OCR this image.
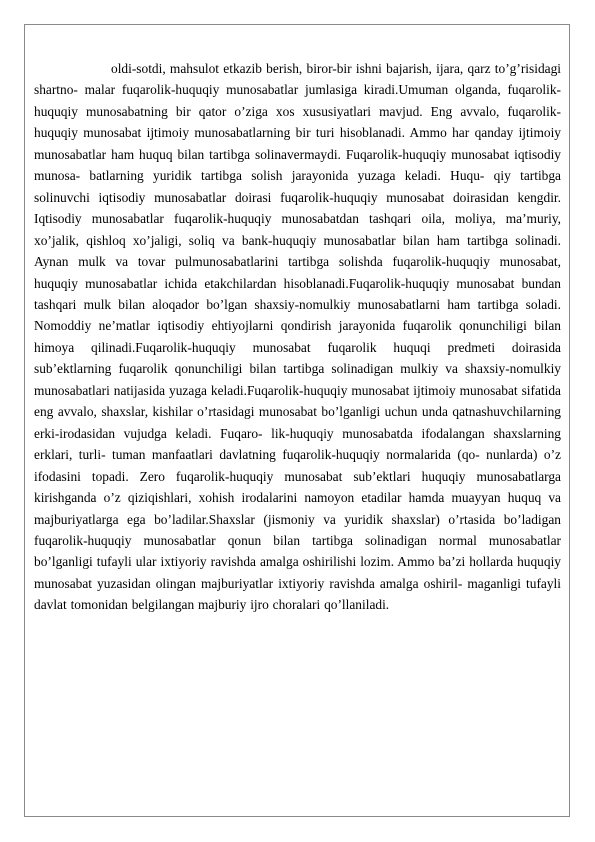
oldi-sotdi, mahsulot etkazib berish, biror-bir ishni bajarish, ijara, qarz to’g’risidagi shartno- malar fuqarolik-huquqiy munosabatlar jumlasiga kiradi.Umuman olganda, fuqarolik-huquqiy munosabatning bir qator o’ziga xos xususiyatlari mavjud. Eng avvalo, fuqarolik-huquqiy munosabat ijtimoiy munosabatlarning bir turi hisoblanadi. Ammo har qanday ijtimoiy munosabatlar ham huquq bilan tartibga solinavermaydi. Fuqarolik-huquqiy munosabat iqtisodiy munosa- batlarning yuridik tartibga solish jarayonida yuzaga keladi. Huqu- qiy tartibga solinuvchi iqtisodiy munosabatlar doirasi fuqarolik-huquqiy munosabat doirasidan kengdir. Iqtisodiy munosabatlar fuqarolik-huquqiy munosabatdan tashqari oila, moliya, ma’muriy, xo’jalik, qishloq xo’jaligi, soliq va bank-huquqiy munosabatlar bilan ham tartibga solinadi. Aynan mulk va tovar pulmunosabatlarini tartibga solishda fuqarolik-huquqiy munosabat, huquqiy munosabatlar ichida etakchilardan hisoblanadi.Fuqarolik-huquqiy munosabat bundan tashqari mulk bilan aloqador bo’lgan shaxsiy-nomulkiy munosabatlarni ham tartibga soladi. Nomoddiy ne’matlar iqtisodiy ehtiyojlarni qondirish jarayonida fuqarolik qonunchiligi bilan himoya qilinadi.Fuqarolik-huquqiy munosabat fuqarolik huquqi predmeti doirasida sub’ektlarning fuqarolik qonunchiligi bilan tartibga solinadigan mulkiy va shaxsiy-nomulkiy munosabatlari natijasida yuzaga keladi.Fuqarolik-huquqiy munosabat ijtimoiy munosabat sifatida eng avvalo, shaxslar, kishilar o’rtasidagi munosabat bo’lganligi uchun unda qatnashuvchilarning erki-irodasidan vujudga keladi. Fuqaro- lik-huquqiy munosabatda ifodalangan shaxslarning erklari, turli- tuman manfaatlari davlatning fuqarolik-huquqiy normalarida (qo- nunlarda) o’z ifodasini topadi. Zero fuqarolik-huquqiy munosabat sub’ektlari huquqiy munosabatlarga kirishganda o’z qiziqishlari, xohish irodalarini namoyon etadilar hamda muayyan huquq va majburiyatlarga ega bo’ladilar.Shaxslar (jismoniy va yuridik shaxslar) o’rtasida bo’ladigan fuqarolik-huquqiy munosabatlar qonun bilan tartibga solinadigan normal munosabatlar bo’lganligi tufayli ular ixtiyoriy ravishda amalga oshirilishi lozim. Ammo ba’zi hollarda huquqiy munosabat yuzasidan olingan majburiyatlar ixtiyoriy ravishda amalga oshiril- maganligi tufayli davlat tomonidan belgilangan majburiy ijro choralari qo’llaniladi.
